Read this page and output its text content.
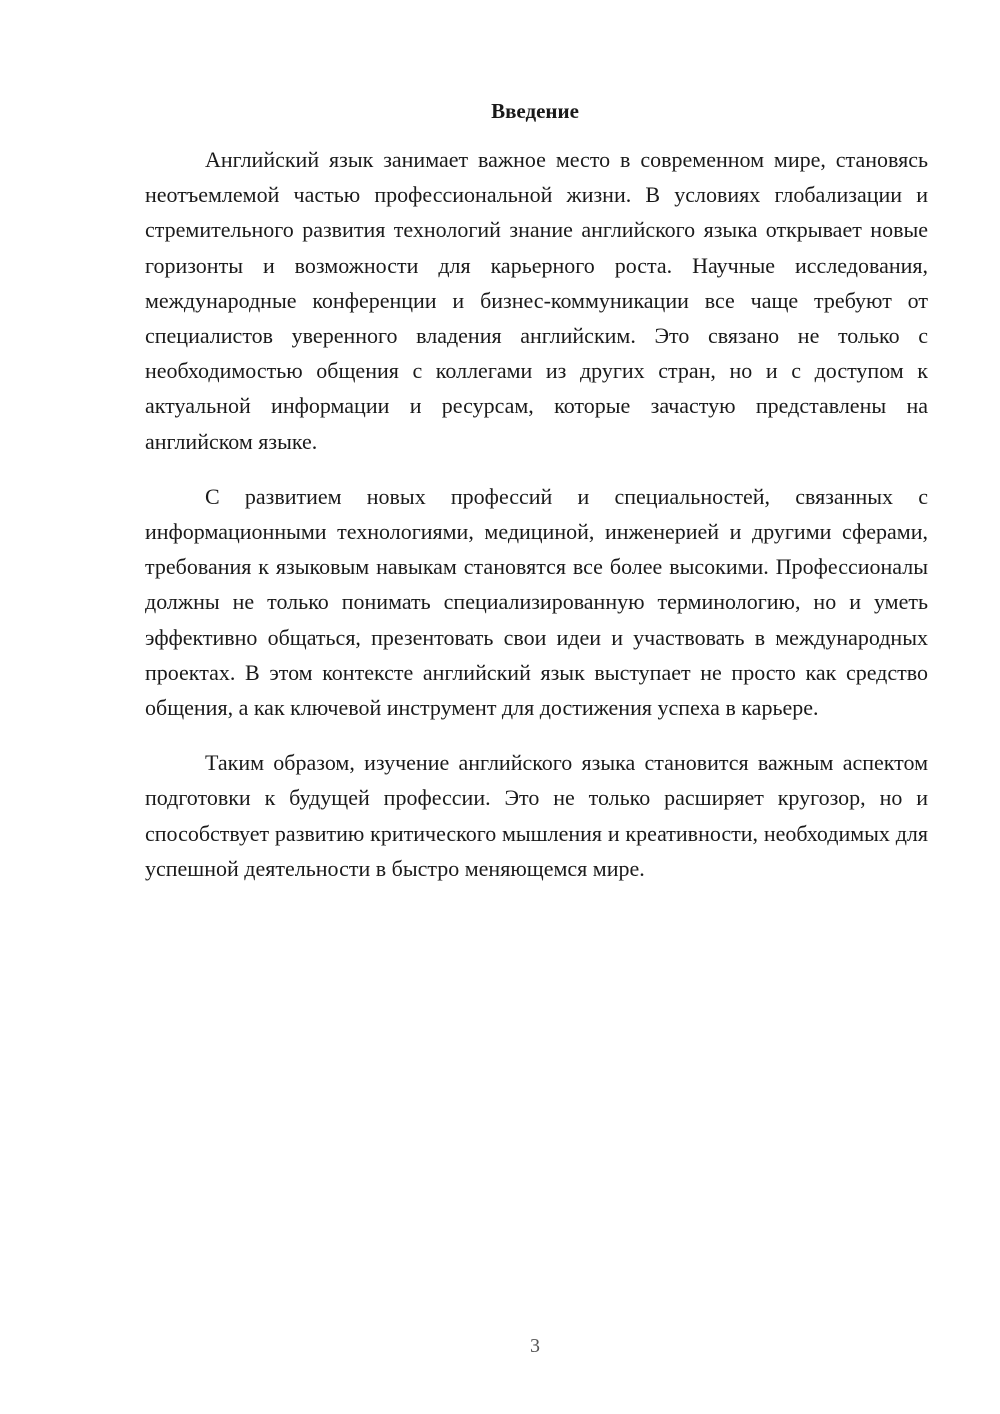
Введение

Английский язык занимает важное место в современном мире, становясь неотъемлемой частью профессиональной жизни. В условиях глобализации и стремительного развития технологий знание английского языка открывает новые горизонты и возможности для карьерного роста. Научные исследования, международные конференции и бизнес-коммуникации все чаще требуют от специалистов уверенного владения английским. Это связано не только с необходимостью общения с коллегами из других стран, но и с доступом к актуальной информации и ресурсам, которые зачастую представлены на английском языке.

С развитием новых профессий и специальностей, связанных с информационными технологиями, медициной, инженерией и другими сферами, требования к языковым навыкам становятся все более высокими. Профессионалы должны не только понимать специализированную терминологию, но и уметь эффективно общаться, презентовать свои идеи и участвовать в международных проектах. В этом контексте английский язык выступает не просто как средство общения, а как ключевой инструмент для достижения успеха в карьере.

Таким образом, изучение английского языка становится важным аспектом подготовки к будущей профессии. Это не только расширяет кругозор, но и способствует развитию критического мышления и креативности, необходимых для успешной деятельности в быстро меняющемся мире.

3
